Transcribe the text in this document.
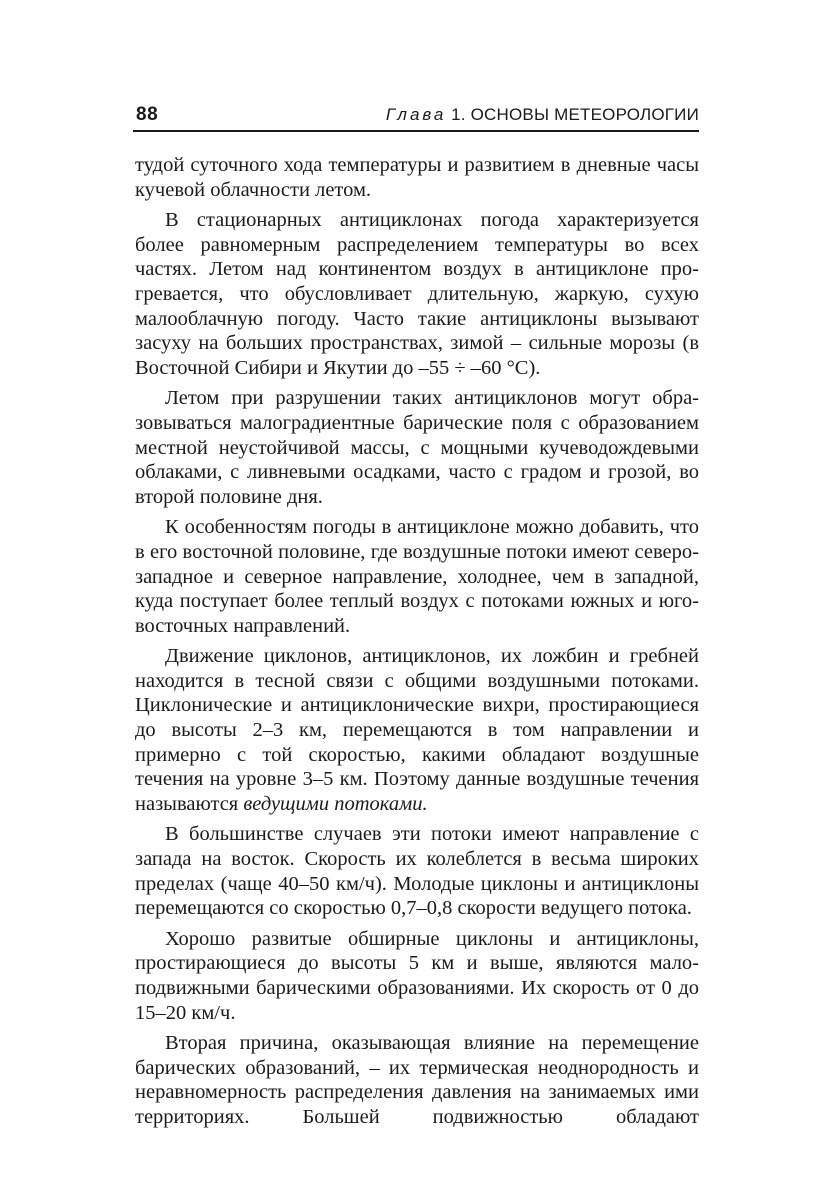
88	Глава 1. ОСНОВЫ МЕТЕОРОЛОГИИ

тудой суточного хода температуры и развитием в дневные часы кучевой облачности летом.

В стационарных антициклонах погода характеризуется более равномерным распределением температуры во всех частях. Летом над континентом воздух в антициклоне прогревается, что обусловливает длительную, жаркую, сухую малооблачную погоду. Часто такие антициклоны вызывают засуху на больших пространствах, зимой – сильные морозы (в Восточной Сибири и Якутии до –55 ÷ –60 °С).

Летом при разрушении таких антициклонов могут образовываться малоградиентные барические поля с образованием местной неустойчивой массы, с мощными кучеводождевыми облаками, с ливневыми осадками, часто с градом и грозой, во второй половине дня.

К особенностям погоды в антициклоне можно добавить, что в его восточной половине, где воздушные потоки имеют северо-западное и северное направление, холоднее, чем в западной, куда поступает более теплый воздух с потоками южных и юго-восточных направлений.

Движение циклонов, антициклонов, их ложбин и гребней находится в тесной связи с общими воздушными потоками. Циклонические и антициклонические вихри, простирающиеся до высоты 2–3 км, перемещаются в том направлении и примерно с той скоростью, какими обладают воздушные течения на уровне 3–5 км. Поэтому данные воздушные течения называются ведущими потоками.

В большинстве случаев эти потоки имеют направление с запада на восток. Скорость их колеблется в весьма широких пределах (чаще 40–50 км/ч). Молодые циклоны и антициклоны перемещаются со скоростью 0,7–0,8 скорости ведущего потока.

Хорошо развитые обширные циклоны и антициклоны, простирающиеся до высоты 5 км и выше, являются малоподвижными барическими образованиями. Их скорость от 0 до 15–20 км/ч.

Вторая причина, оказывающая влияние на перемещение барических образований, – их термическая неоднородность и неравномерность распределения давления на занимаемых ими территориях. Большей подвижностью обладают
